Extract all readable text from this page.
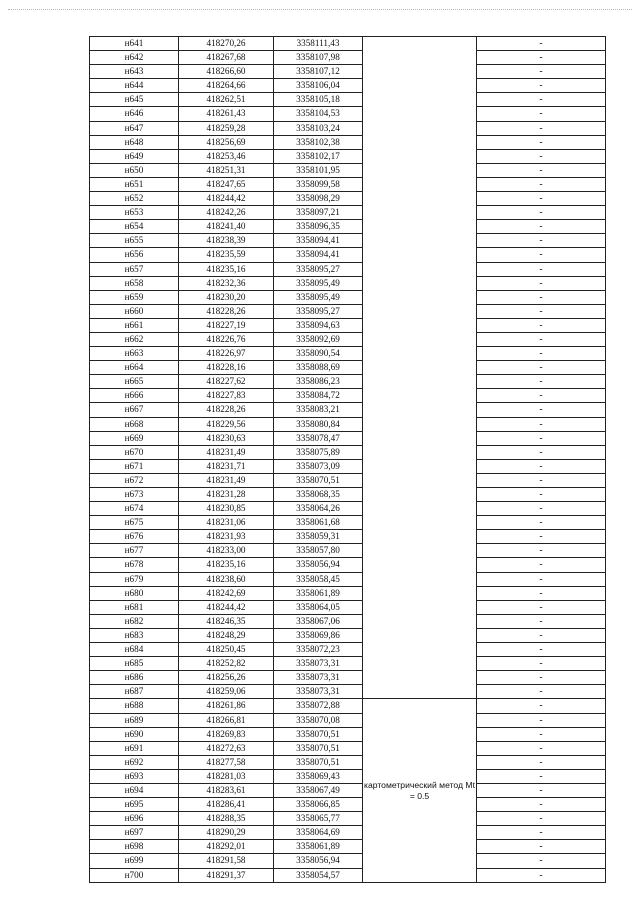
н641	418270,26	3358111,43		-
н642	418267,68	3358107,98		-
н643	418266,60	3358107,12		-
н644	418264,66	3358106,04		-
н645	418262,51	3358105,18		-
н646	418261,43	3358104,53		-
н647	418259,28	3358103,24		-
н648	418256,69	3358102,38		-
н649	418253,46	3358102,17		-
н650	418251,31	3358101,95		-
н651	418247,65	3358099,58		-
н652	418244,42	3358098,29		-
н653	418242,26	3358097,21		-
н654	418241,40	3358096,35		-
н655	418238,39	3358094,41		-
н656	418235,59	3358094,41		-
н657	418235,16	3358095,27		-
н658	418232,36	3358095,49		-
н659	418230,20	3358095,49		-
н660	418228,26	3358095,27		-
н661	418227,19	3358094,63		-
н662	418226,76	3358092,69		-
н663	418226,97	3358090,54		-
н664	418228,16	3358088,69		-
н665	418227,62	3358086,23		-
н666	418227,83	3358084,72		-
н667	418228,26	3358083,21		-
н668	418229,56	3358080,84		-
н669	418230,63	3358078,47		-
н670	418231,49	3358075,89		-
н671	418231,71	3358073,09		-
н672	418231,49	3358070,51		-
н673	418231,28	3358068,35		-
н674	418230,85	3358064,26		-
н675	418231,06	3358061,68		-
н676	418231,93	3358059,31		-
н677	418233,00	3358057,80		-
н678	418235,16	3358056,94		-
н679	418238,60	3358058,45		-
н680	418242,69	3358061,89		-
н681	418244,42	3358064,05		-
н682	418246,35	3358067,06		-
н683	418248,29	3358069,86		-
н684	418250,45	3358072,23		-
н685	418252,82	3358073,31		-
н686	418256,26	3358073,31		-
н687	418259,06	3358073,31		-
н688	418261,86	3358072,88	картометрический метод Mt = 0.5	-
н689	418266,81	3358070,08		-
н690	418269,83	3358070,51		-
н691	418272,63	3358070,51		-
н692	418277,58	3358070,51		-
н693	418281,03	3358069,43		-
н694	418283,61	3358067,49		-
н695	418286,41	3358066,85		-
н696	418288,35	3358065,77		-
н697	418290,29	3358064,69		-
н698	418292,01	3358061,89		-
н699	418291,58	3358056,94		-
н700	418291,37	3358054,57		-
